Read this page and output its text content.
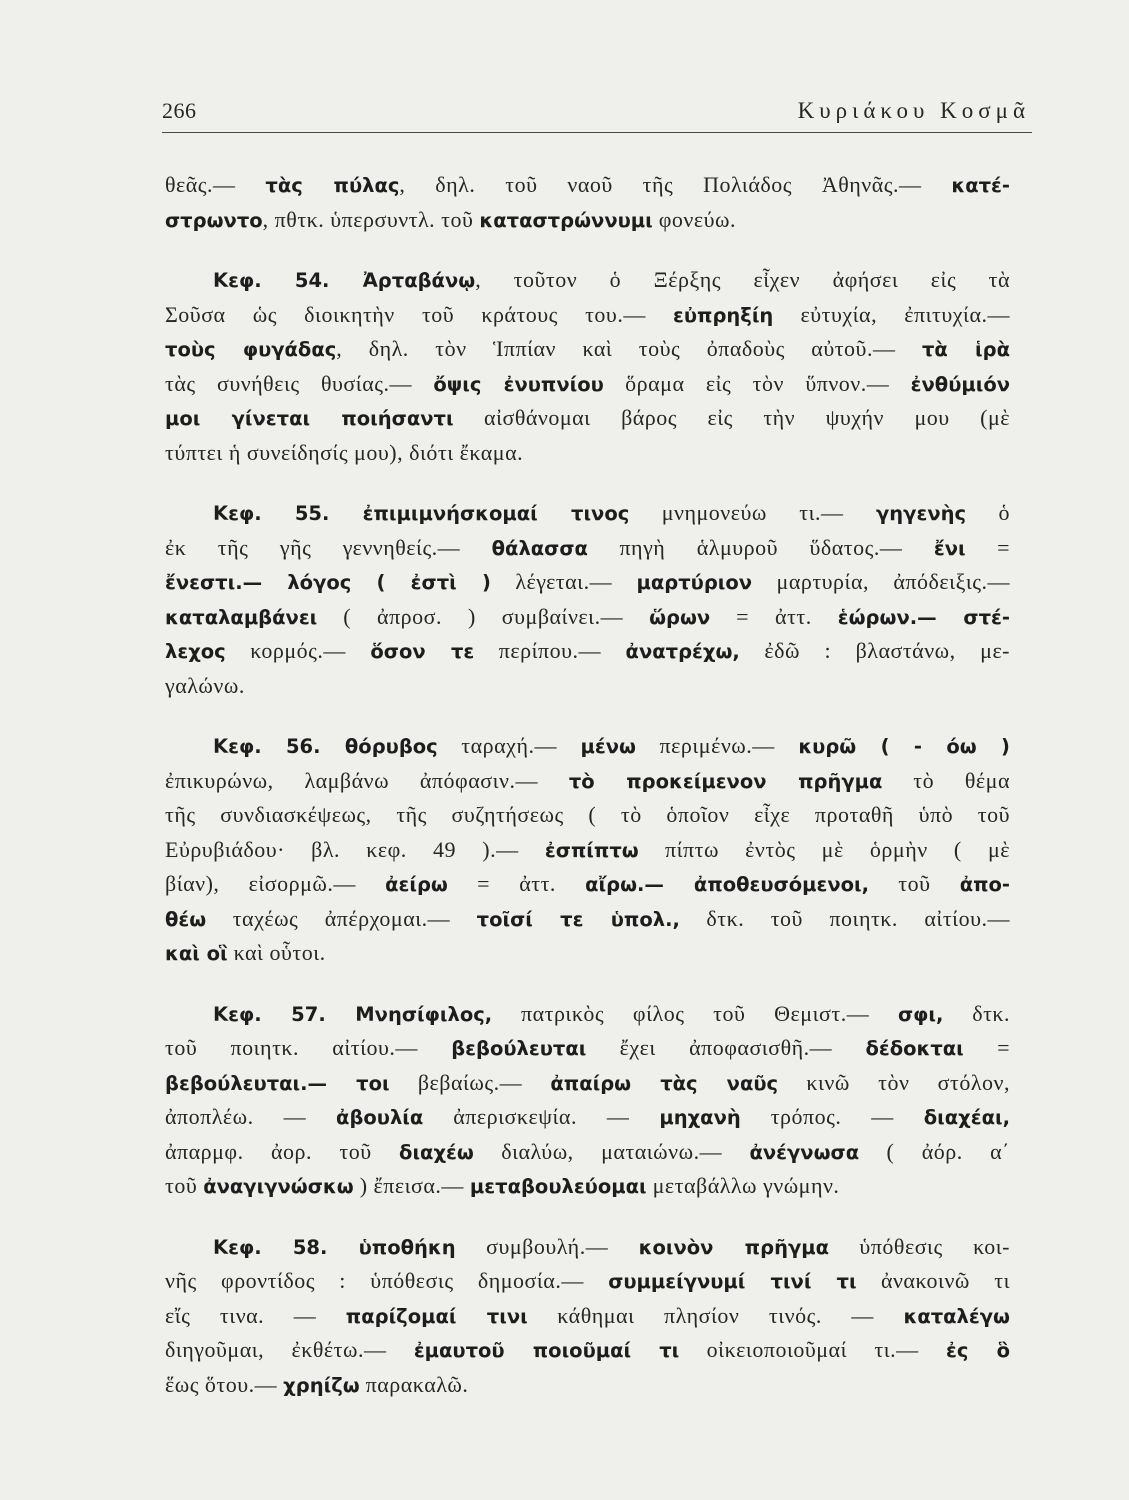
266	Κυριάκου Κοσμᾶ
θεᾶς.— τὰς πύλας, δηλ. τοῦ ναοῦ τῆς Πολιάδος Ἀθηνᾶς.— κατέ-
στρωντο, πθτκ. ὑπερσυντλ. τοῦ καταστρώννυμι φονεύω.
Κεφ. 54. Ἀρταβάνῳ, τοῦτον ὁ Ξέρξης εἶχεν ἀφήσει εἰς τὰ
Σοῦσα ὡς διοικητὴν τοῦ κράτους του.— εὐπρηξίη εὐτυχία, ἐπιτυχία.—
τοὺς φυγάδας, δηλ. τὸν Ἱππίαν καὶ τοὺς ὀπαδοὺς αὐτοῦ.— τὰ ἱρὰ
τὰς συνήθεις θυσίας.— ὄψις ἐνυπνίου ὅραμα εἰς τὸν ὕπνον.— ἐνθύμιόν
μοι γίνεται ποιήσαντι αἰσθάνομαι βάρος εἰς τὴν ψυχήν μου (μὲ
τύπτει ἡ συνείδησίς μου), διότι ἔκαμα.
Κεφ. 55. ἐπιμιμνήσκομαί τινος μνημονεύω τι.— γηγενὴς ὁ
ἐκ τῆς γῆς γεννηθείς.— θάλασσα πηγὴ ἁλμυροῦ ὕδατος.— ἔνι =
ἔνεστι.— λόγος ( ἐστὶ ) λέγεται.— μαρτύριον μαρτυρία, ἀπόδειξις.—
καταλαμβάνει ( ἀπροσ. ) συμβαίνει.— ὥρων = ἀττ. ἑώρων.— στέ-
λεχος κορμός.— ὅσον τε περίπου.— ἀνατρέχω, ἐδῶ : βλαστάνω, με-
γαλώνω.
Κεφ. 56. θόρυβος ταραχή.— μένω περιμένω.— κυρῶ ( - όω )
ἐπικυρώνω, λαμβάνω ἀπόφασιν.— τὸ προκείμενον πρῆγμα τὸ θέμα
τῆς συνδιασκέψεως, τῆς συζητήσεως ( τὸ ὁποῖον εἶχε προταθῆ ὑπὸ τοῦ
Εὐρυβιάδου· βλ. κεφ. 49 ).— ἐσπίπτω πίπτω ἐντὸς μὲ ὁρμὴν ( μὲ
βίαν), εἰσορμῶ.— ἀείρω = ἀττ. αἴρω.— ἀποθευσόμενοι, τοῦ ἀπο-
θέω ταχέως ἀπέρχομαι.— τοῖσί τε ὑπολ., δτκ. τοῦ ποιητκ. αἰτίου.—
καὶ οἳ καὶ οὗτοι.
Κεφ. 57. Μνησίφιλος, πατρικὸς φίλος τοῦ Θεμιστ.— σφι, δτκ.
τοῦ ποιητκ. αἰτίου.— βεβούλευται ἔχει ἀποφασισθῆ.— δέδοκται =
βεβούλευται.— τοι βεβαίως.— ἀπαίρω τὰς ναῦς κινῶ τὸν στόλον,
ἀποπλέω. — ἀβουλία ἀπερισκεψία. — μηχανὴ τρόπος. — διαχέαι,
ἀπαρμφ. ἀορ. τοῦ διαχέω διαλύω, ματαιώνω.— ἀνέγνωσα ( ἀόρ. α΄
τοῦ ἀναγιγνώσκω ) ἔπεισα.— μεταβουλεύομαι μεταβάλλω γνώμην.
Κεφ. 58. ὑποθήκη συμβουλή.— κοινὸν πρῆγμα ὑπόθεσις κοι-
νῆς φροντίδος : ὑπόθεσις δημοσία.— συμμείγνυμί τινί τι ἀνακοινῶ τι
εἴς τινα. — παρίζομαί τινι κάθημαι πλησίον τινός. — καταλέγω
διηγοῦμαι, ἐκθέτω.— ἐμαυτοῦ ποιοῦμαί τι οἰκειοποιοῦμαί τι.— ἐς ὃ
ἕως ὅτου.— χρηίζω παρακαλῶ.
